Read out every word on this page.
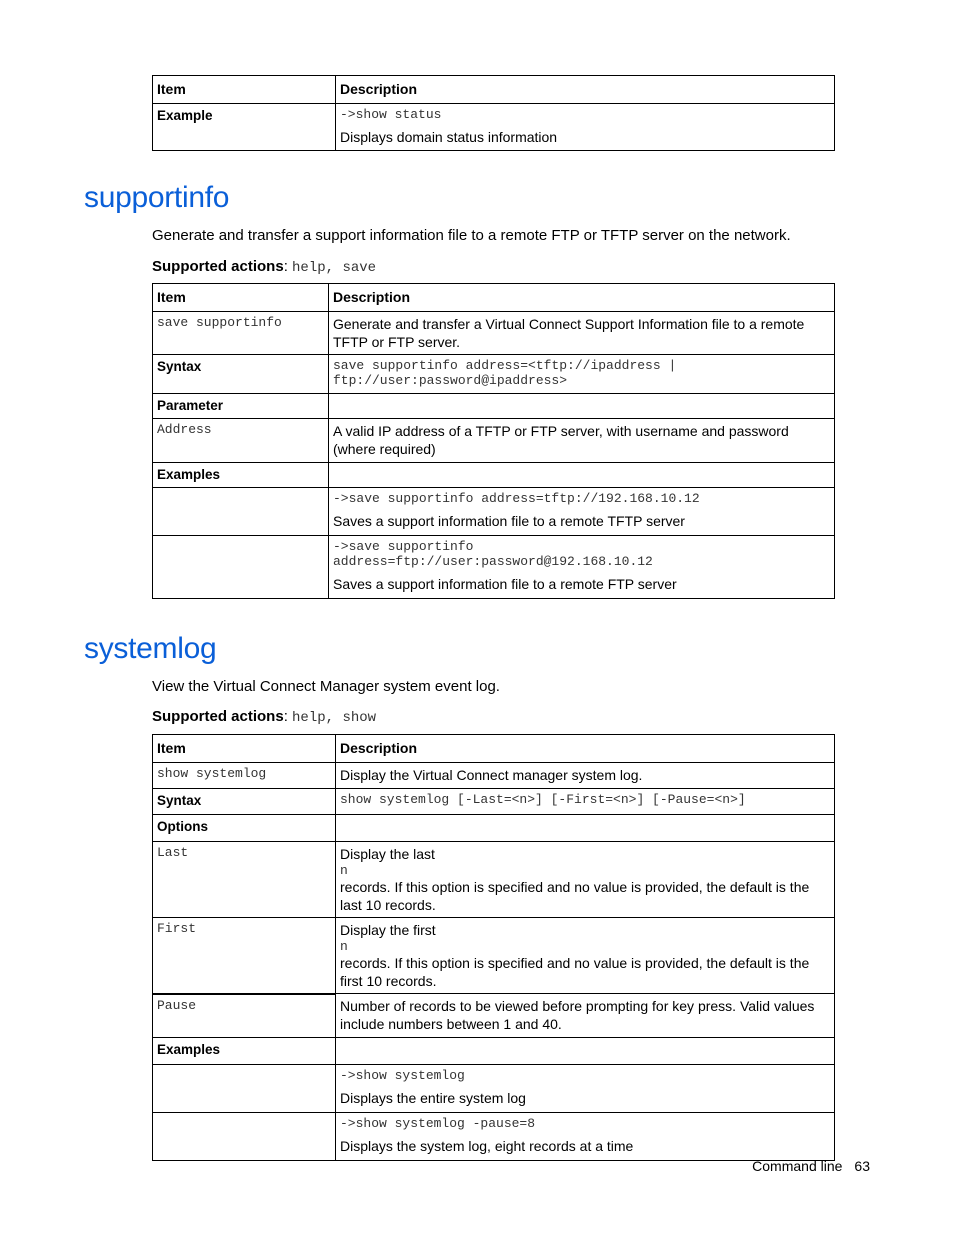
Item	Description
Example	->show status
Displays domain status information
supportinfo

Generate and transfer a support information file to a remote FTP or TFTP server on the network.

Supported actions: help, save

Item	Description

save supportinfo	Generate and transfer a Virtual Connect Support Information file to a remote TFTP or FTP server.
Syntax	save supportinfo address=<tftp://ipaddress |
ftp://user:password@ipaddress>

Parameter	

Address	A valid IP address of a TFTP or FTP server, with username and password (where required)
Examples	

	->save supportinfo address=tftp://192.168.10.12
Saves a support information file to a remote TFTP server

	->save supportinfo
address=ftp://user:password@192.168.10.12
Saves a support information file to a remote FTP server
systemlog

View the Virtual Connect Manager system event log.

Supported actions: help, show

Item	Description

show systemlog	Display the Virtual Connect manager system log.
Syntax	show systemlog [-Last=<n>] [-First=<n>] [-Pause=<n>]

Options	

Last	Display the last
n
records. If this option is specified and no value is provided, the default is the last 10 records.

First	Display the first
n
records. If this option is specified and no value is provided, the default is the first 10 records.

Pause	Number of records to be viewed before prompting for key press. Valid values include numbers between 1 and 40.
Examples	

	->show systemlog
Displays the entire system log

	->show systemlog -pause=8
Displays the system log, eight records at a time
Command line 63
